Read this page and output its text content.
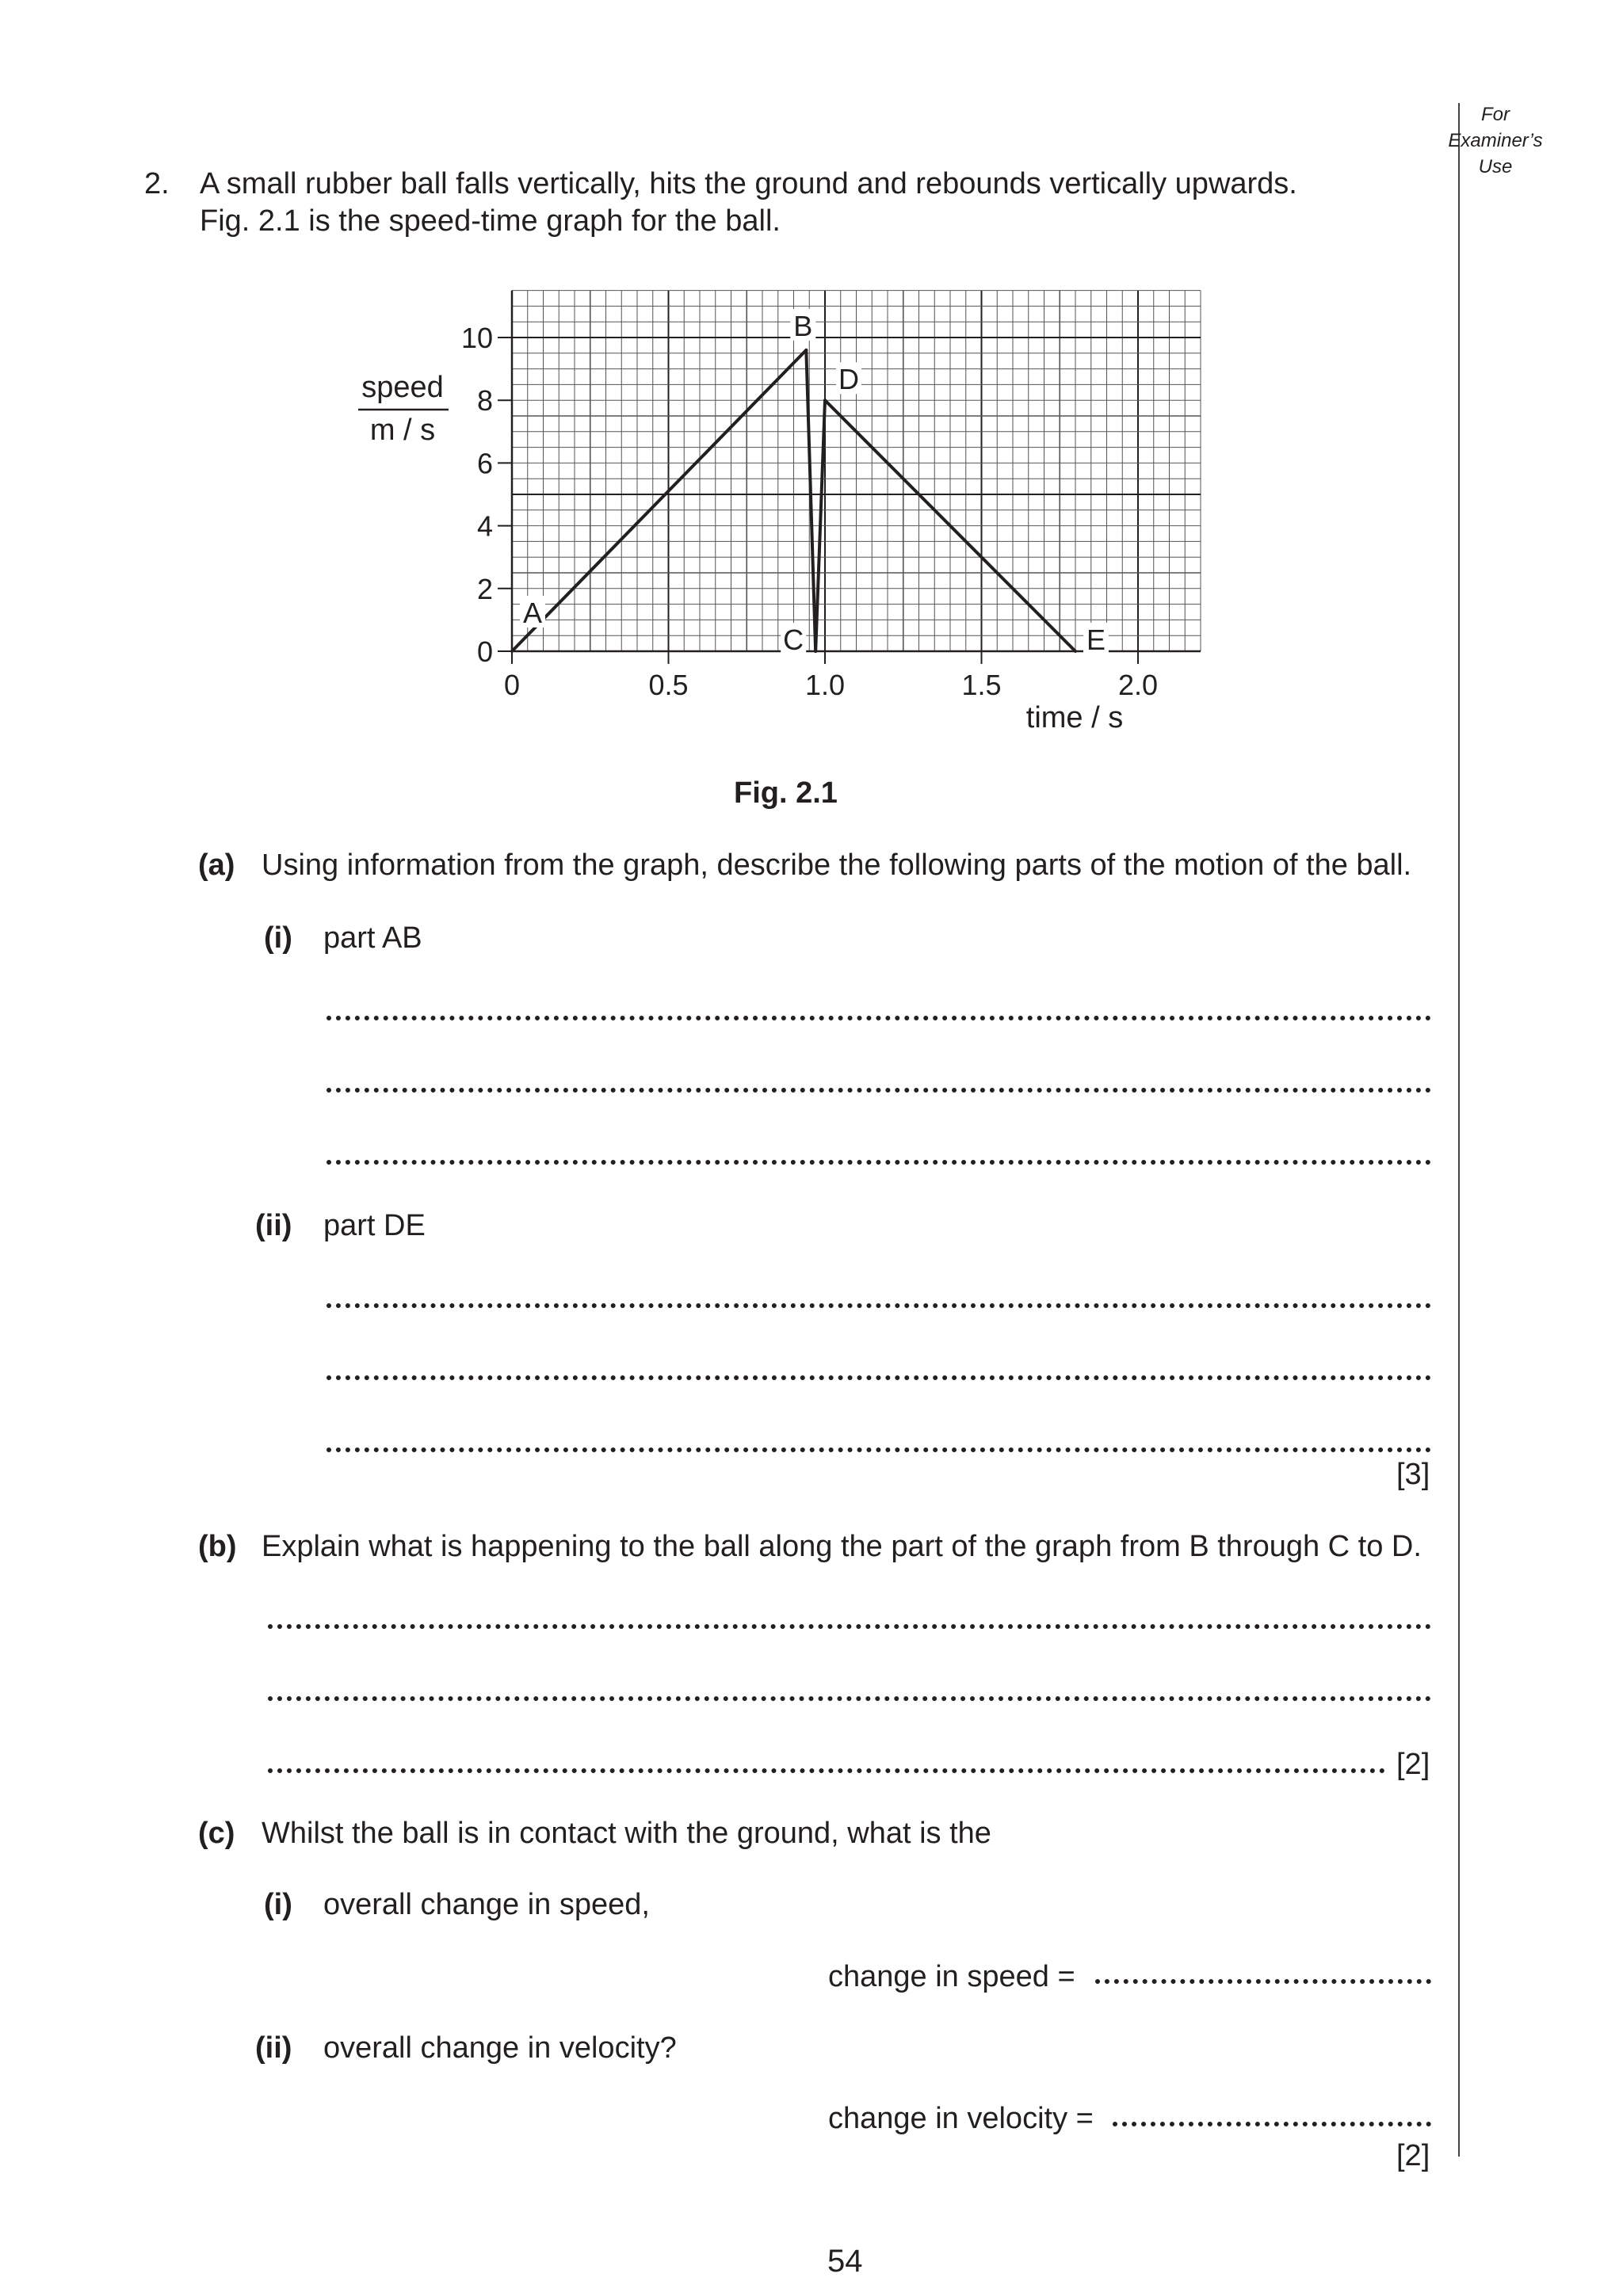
For
Examiner’s
Use
2. A small rubber ball falls vertically, hits the ground and rebounds vertically upwards.
Fig. 2.1 is the speed-time graph for the ball.
0
2
4
6
8
10
0	0.5	1.0	1.5	2.0
speed
m / s
time / s
A
B
C
D
E
Fig. 2.1
(a) Using information from the graph, describe the following parts of the motion of the ball.
(i) part AB
(ii) part DE
[3]
(b) Explain what is happening to the ball along the part of the graph from B through C to D.
[2]
(c) Whilst the ball is in contact with the ground, what is the
(i) overall change in speed,
change in speed =
(ii) overall change in velocity?
change in velocity =
[2]
54
